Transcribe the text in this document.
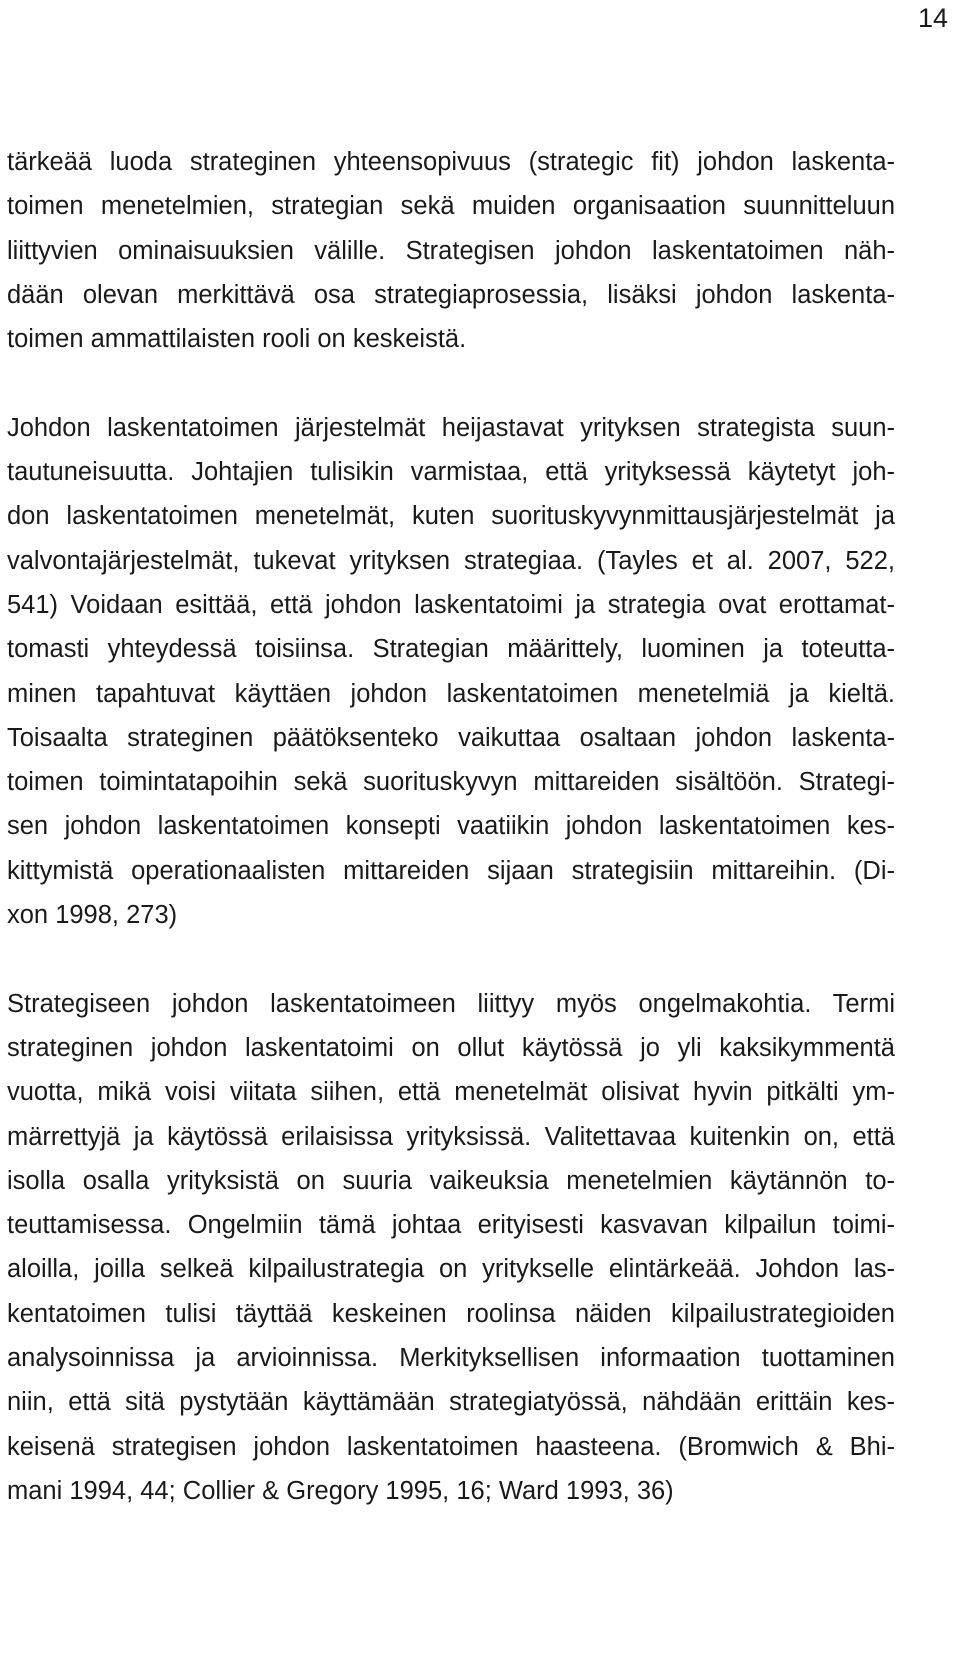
14
tärkeää luoda strateginen yhteensopivuus (strategic fit) johdon laskenta-
toimen menetelmien, strategian sekä muiden organisaation suunnitteluun
liittyvien ominaisuuksien välille. Strategisen johdon laskentatoimen näh-
dään olevan merkittävä osa strategiaprosessia, lisäksi johdon laskenta-
toimen ammattilaisten rooli on keskeistä.
Johdon laskentatoimen järjestelmät heijastavat yrityksen strategista suun-
tautuneisuutta. Johtajien tulisikin varmistaa, että yrityksessä käytetyt joh-
don laskentatoimen menetelmät, kuten suorituskyvynmittausjärjestelmät ja
valvontajärjestelmät, tukevat yrityksen strategiaa. (Tayles et al. 2007, 522,
541) Voidaan esittää, että johdon laskentatoimi ja strategia ovat erottamat-
tomasti yhteydessä toisiinsa. Strategian määrittely, luominen ja toteutta-
minen tapahtuvat käyttäen johdon laskentatoimen menetelmiä ja kieltä.
Toisaalta strateginen päätöksenteko vaikuttaa osaltaan johdon laskenta-
toimen toimintatapoihin sekä suorituskyvyn mittareiden sisältöön. Strategi-
sen johdon laskentatoimen konsepti vaatiikin johdon laskentatoimen kes-
kittymistä operationaalisten mittareiden sijaan strategisiin mittareihin. (Di-
xon 1998, 273)
Strategiseen johdon laskentatoimeen liittyy myös ongelmakohtia. Termi
strateginen johdon laskentatoimi on ollut käytössä jo yli kaksikymmentä
vuotta, mikä voisi viitata siihen, että menetelmät olisivat hyvin pitkälti ym-
märrettyjä ja käytössä erilaisissa yrityksissä. Valitettavaa kuitenkin on, että
isolla osalla yrityksistä on suuria vaikeuksia menetelmien käytännön to-
teuttamisessa. Ongelmiin tämä johtaa erityisesti kasvavan kilpailun toimi-
aloilla, joilla selkeä kilpailustrategia on yritykselle elintärkeää. Johdon las-
kentatoimen tulisi täyttää keskeinen roolinsa näiden kilpailustrategioiden
analysoinnissa ja arvioinnissa. Merkityksellisen informaation tuottaminen
niin, että sitä pystytään käyttämään strategiatyössä, nähdään erittäin kes-
keisenä strategisen johdon laskentatoimen haasteena. (Bromwich & Bhi-
mani 1994, 44; Collier & Gregory 1995, 16; Ward 1993, 36)
